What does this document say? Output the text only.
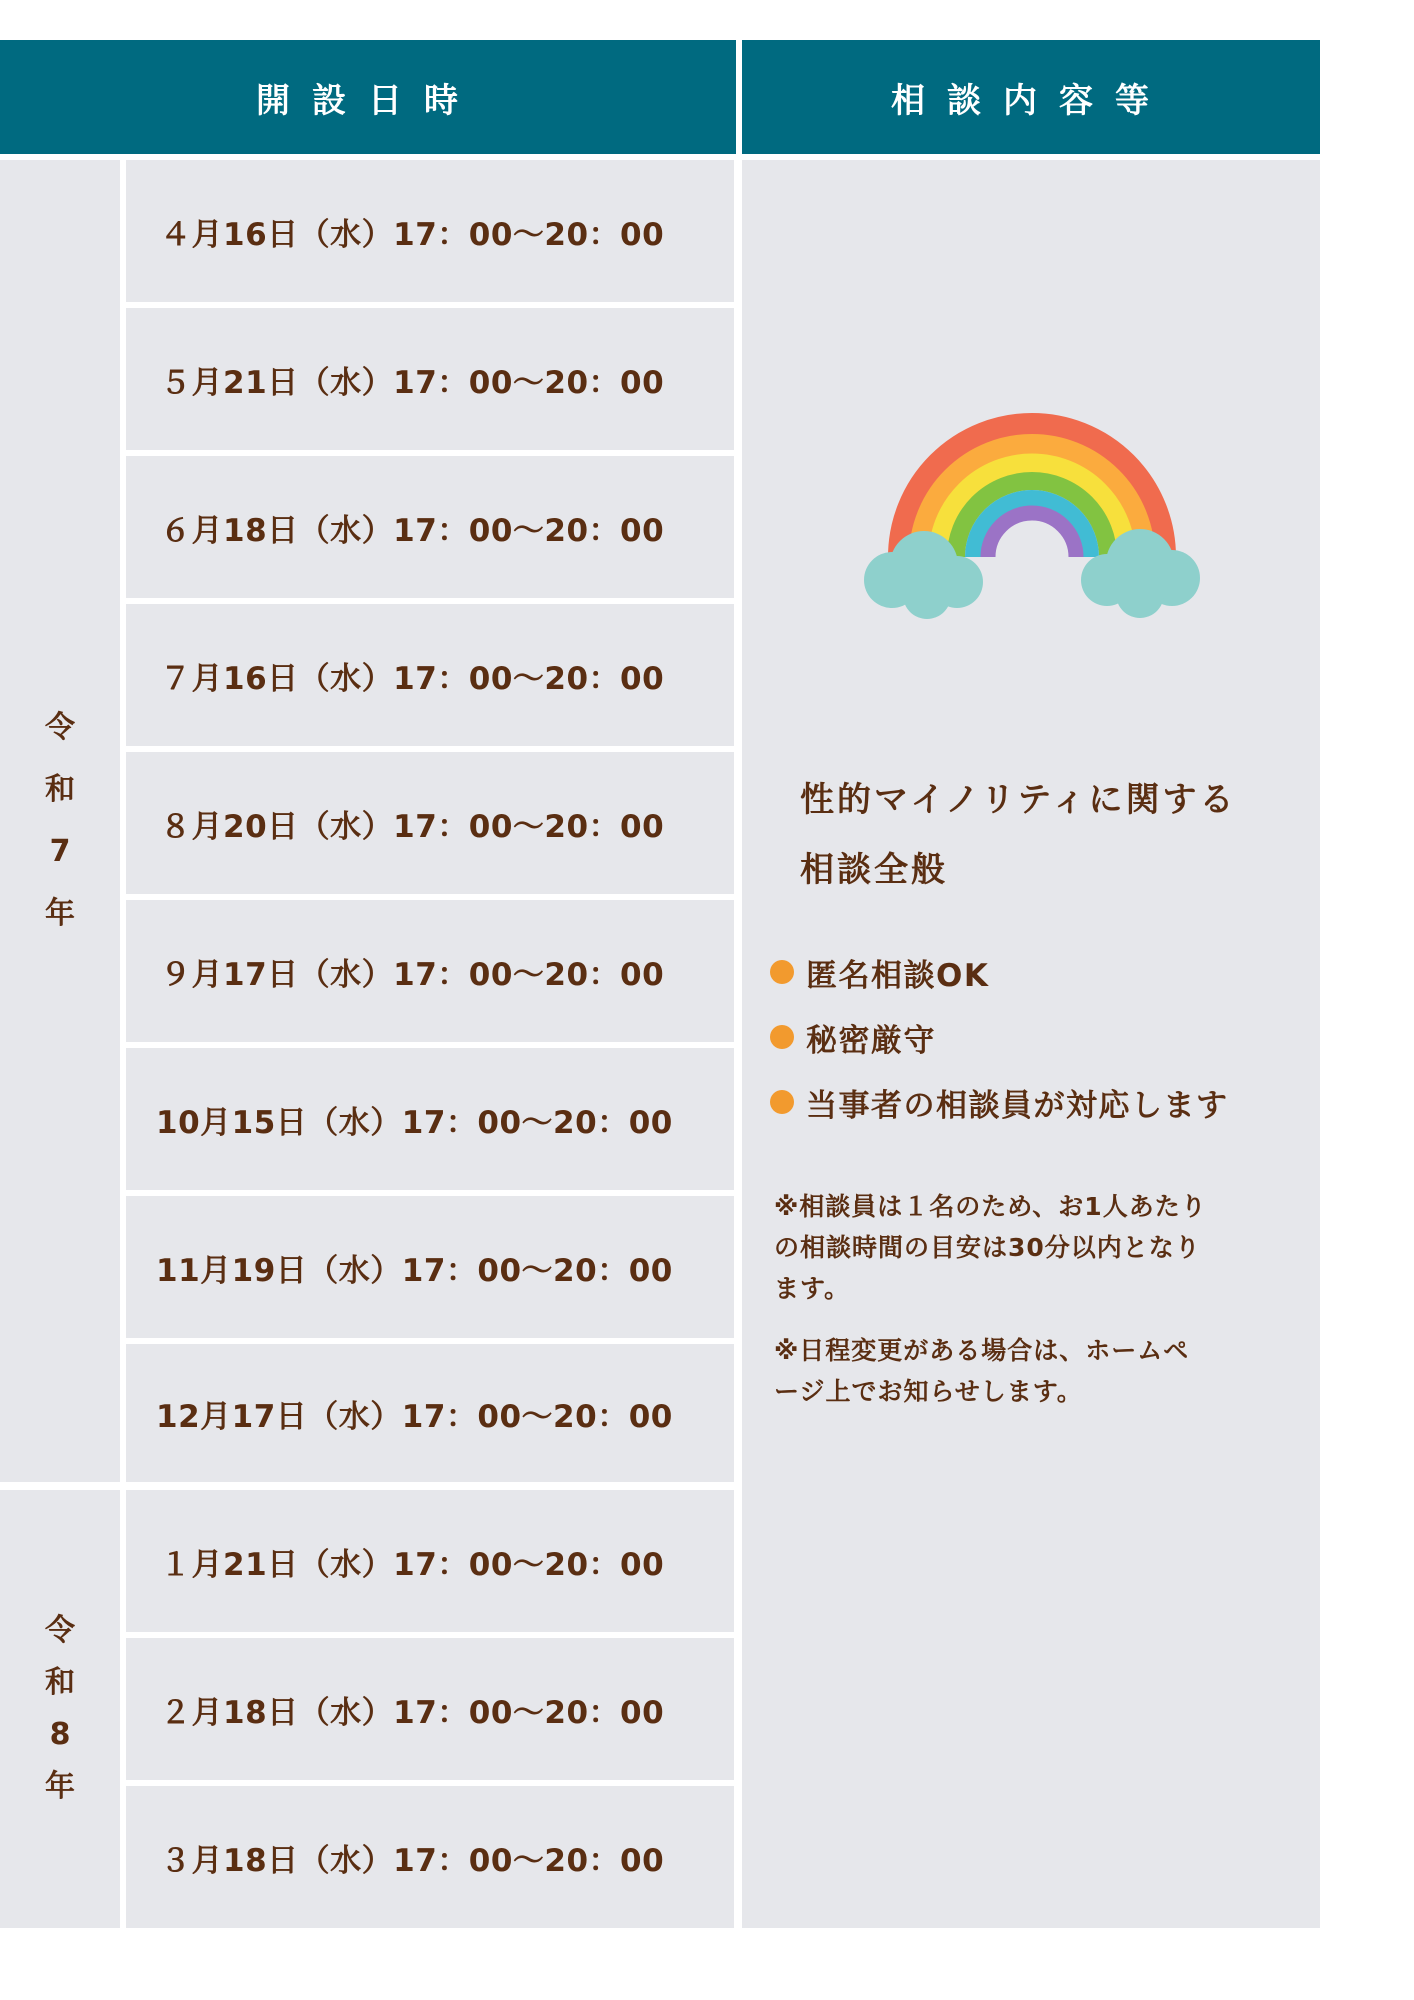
開設日時	相談内容等
令
和
7
年
令
和
8
年
４月16日（水）17：00〜20：00
５月21日（水）17：00〜20：00
６月18日（水）17：00〜20：00
７月16日（水）17：00〜20：00
８月20日（水）17：00〜20：00
９月17日（水）17：00〜20：00
10月15日（水）17：00〜20：00
11月19日（水）17：00〜20：00
12月17日（水）17：00〜20：00
１月21日（水）17：00〜20：00
２月18日（水）17：00〜20：00
３月18日（水）17：00〜20：00
性的マイノリティに関する
相談全般
匿名相談OK
秘密厳守
当事者の相談員が対応します
※相談員は１名のため、お1人あたり
の相談時間の目安は30分以内となり
ます。
※日程変更がある場合は、ホームペ
ージ上でお知らせします。
